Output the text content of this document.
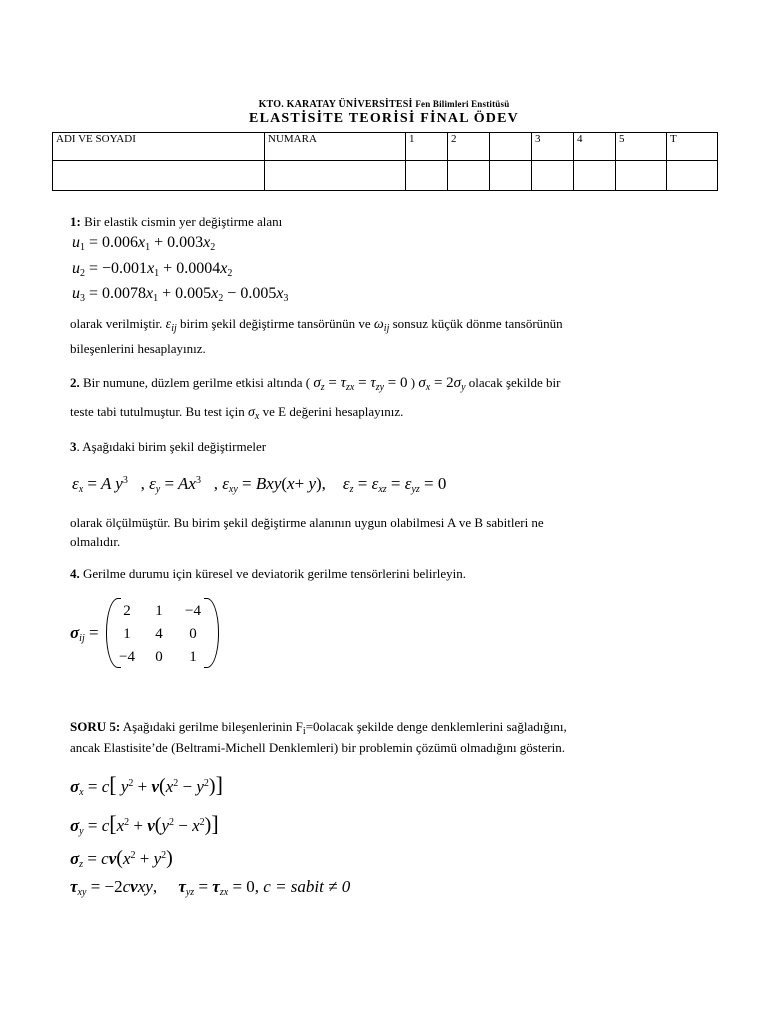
KTO. KARATAY ÜNİVERSİTESİ Fen Bilimleri Enstitüsü
ELASTİSİTE TEORİSİ FİNAL ÖDEV
ADI VE SOYADI	NUMARA	1	2		3	4	5	T

1: Bir elastik cismin yer değiştirme alanı
$u_1 = 0.006x_1 + 0.003x_2$
$u_2 = -0.001x_1 + 0.0004x_2$
$u_3 = 0.0078x_1 + 0.005x_2 - 0.005x_3$
olarak verilmiştir. $\varepsilon_{ij}$ birim şekil değiştirme tansörünün ve $\omega_{ij}$ sonsuz küçük dönme tansörünün
bileşenlerini hesaplayınız.
2. Bir numune, düzlem gerilme etkisi altında ( $\sigma_z = \tau_{zx} = \tau_{zy} = 0$ ) $\sigma_x = 2\sigma_y$ olacak şekilde bir
teste tabi tutulmuştur. Bu test için $\sigma_x$ ve E değerini hesaplayınız.
3. Aşağıdaki birim şekil değiştirmeler
$\varepsilon_x = A$ $y^3$ , $\varepsilon_y = Ax^3$ , $\varepsilon_{xy} = Bxy(x+ y)$,    $\varepsilon_z = \varepsilon_{xz} = \varepsilon_{yz} = 0$
olarak ölçülmüştür. Bu birim şekil değiştirme alanının uygun olabilmesi A ve B sabitleri ne
olmalıdır.
4. Gerilme durumu için küresel ve deviatorik gerilme tensörlerini belirleyin.
$\sigma_{ij}$ =
2	1	−4
1	4	0
−4	0	1
SORU 5: Aşağıdaki gerilme bileşenlerinin $F_i=0olacak$ şekilde denge denklemlerini sağladığını,
ancak Elastisite’de (Beltrami-Michell Denklemleri) bir problemin çözümü olmadığını gösterin.
$\sigma_x = c$[ $y^2 + \nu(x^2 - y^2)$]
$\sigma_y = c[x^2 + \nu(y^2 - x^2)]$
$\sigma_z = c\nu(x^2 + y^2)$
$\tau_{xy} = -2c\nu xy$, $\tau_{yz} = \tau_{zx} = 0$, c = sabit ≠ 0
